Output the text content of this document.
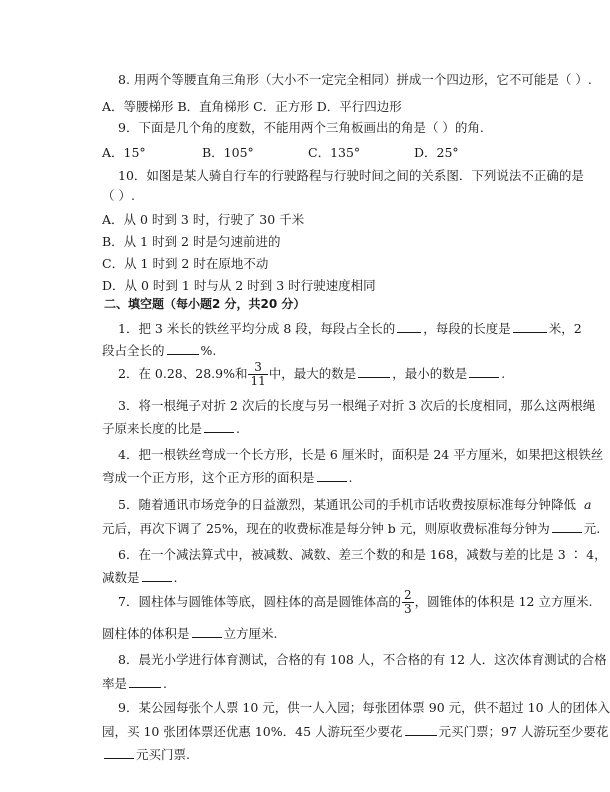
8. 用两个等腰直角三角形（大小不一定完全相同）拼成一个四边形，它不可能是（ ）.
A．等腰梯形 B．直角梯形 C．正方形 D．平行四边形
9．下面是几个角的度数，不能用两个三角板画出的角是（ ）的角.
A．15°	B．105°	C．135°	D．25°
10．如图是某人骑自行车的行驶路程与行驶时间之间的关系图．下列说法不正确的是
（ ）.
A．从 0 时到 3 时，行驶了 30 千米
B．从 1 时到 2 时是匀速前进的
C．从 1 时到 2 时在原地不动
D．从 0 时到 1 时与从 2 时到 3 时行驶速度相同
二、填空题（每小题2 分，共20 分）
1．把 3 米长的铁丝平均分成 8 段，每段占全长的 ，每段的长度是	米，2
段占全长的	%.
2．在 0.28、28.9%和 $\frac{3}{11}$ 中，最大的数是	，最小的数是	.
3．将一根绳子对折 2 次后的长度与另一根绳子对折 3 次后的长度相同，那么这两根绳
子原来长度的比是	.
4．把一根铁丝弯成一个长方形，长是 6 厘米时，面积是 24 平方厘米，如果把这根铁丝
弯成一个正方形，这个正方形的面积是	.
5．随着通讯市场竞争的日益激烈，某通讯公司的手机市话收费按原标准每分钟降低 a
元后，再次下调了 25%，现在的收费标准是每分钟 b 元，则原收费标准每分钟为	元.
6．在一个减法算式中，被减数、减数、差三个数的和是 168，减数与差的比是 3 ∶ 4，
减数是	.
7．圆柱体与圆锥体等底，圆柱体的高是圆锥体高的 $\frac{2}{3}$ ，圆锥体的体积是 12 立方厘米.
圆柱体的体积是	立方厘米.
8．晨光小学进行体育测试，合格的有 108 人，不合格的有 12 人．这次体育测试的合格
率是	.
9．某公园每张个人票 10 元，供一人入园；每张团体票 90 元，供不超过 10 人的团体入
园，买 10 张团体票还优惠 10%．45 人游玩至少要花	元买门票；97 人游玩至少要花
元买门票.
